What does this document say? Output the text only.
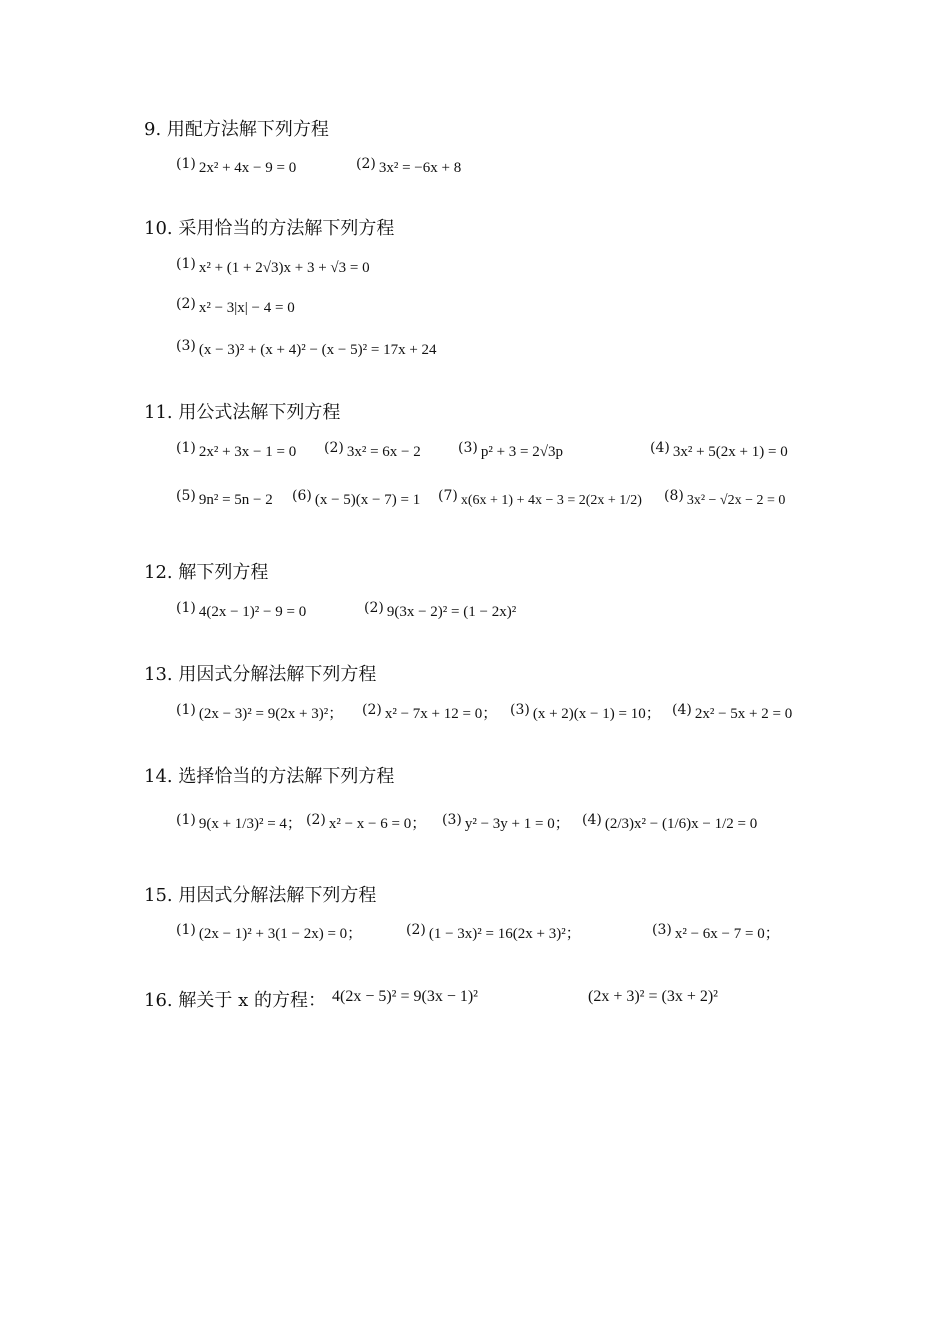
9. 用配方法解下列方程
(1) 2x² + 4x − 9 = 0	(2) 3x² = −6x + 8
10. 采用恰当的方法解下列方程
(1) x² + (1 + 2√3)x + 3 + √3 = 0
(2) x² − 3|x| − 4 = 0
(3) (x − 3)² + (x + 4)² − (x − 5)² = 17x + 24
11. 用公式法解下列方程
(1) 2x² + 3x − 1 = 0 (2) 3x² = 6x − 2	(3) p² + 3 = 2√3p	(4) 3x² + 5(2x + 1) = 0
(5) 9n² = 5n − 2 (6) (x − 5)(x − 7) = 1 (7) x(6x + 1) + 4x − 3 = 2(2x + 1/2) (8) 3x² − √2x − 2 = 0
12. 解下列方程
(1) 4(2x − 1)² − 9 = 0	(2) 9(3x − 2)² = (1 − 2x)²
13. 用因式分解法解下列方程
(1) (2x − 3)² = 9(2x + 3)²； (2) x² − 7x + 12 = 0； (3) (x + 2)(x − 1) = 10； (4) 2x² − 5x + 2 = 0
14. 选择恰当的方法解下列方程
(1) 9(x + 1/3)² = 4； (2) x² − x − 6 = 0； (3) y² − 3y + 1 = 0； (4) (2/3)x² − (1/6)x − 1/2 = 0
15. 用因式分解法解下列方程
(1) (2x − 1)² + 3(1 − 2x) = 0；	(2) (1 − 3x)² = 16(2x + 3)²；	(3) x² − 6x − 7 = 0；
16. 解关于 x 的方程： 4(2x − 5)² = 9(3x − 1)²	(2x + 3)² = (3x + 2)²
